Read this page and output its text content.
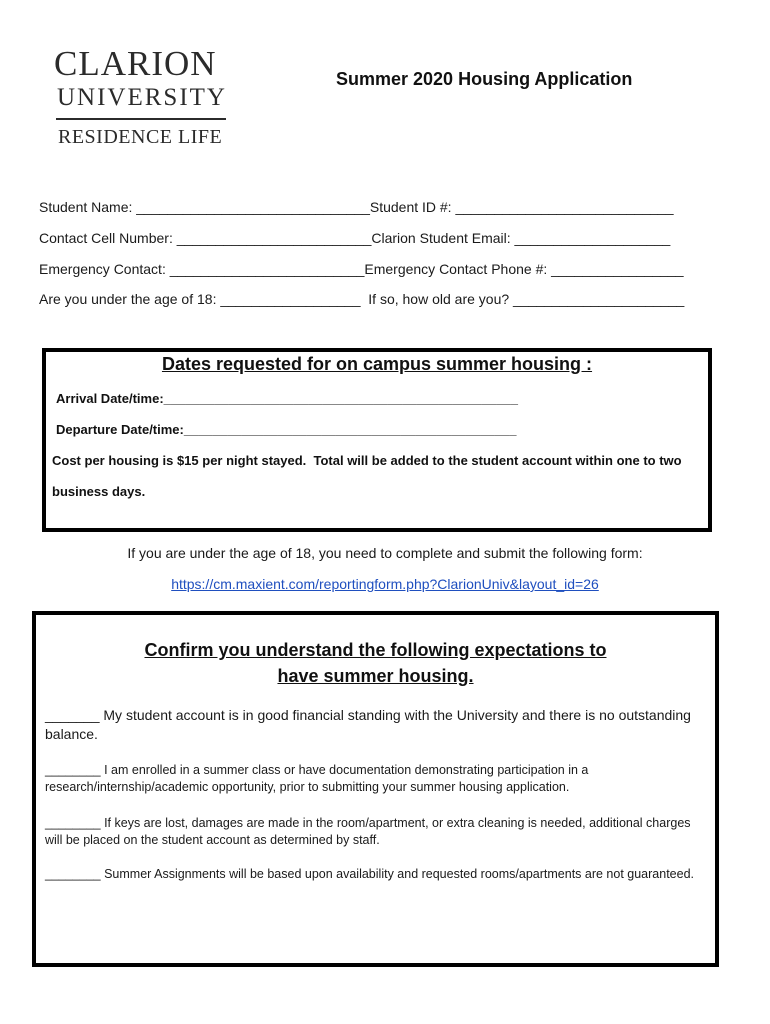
CLARION
UNIVERSITY
RESIDENCE LIFE
Summer 2020 Housing Application
Student Name: ______________________________Student ID #: ____________________________
Contact Cell Number: _________________________Clarion Student Email: ____________________
Emergency Contact: _________________________Emergency Contact Phone #: _________________
Are you under the age of 18: __________________  If so, how old are you? ______________________
Dates requested for on campus summer housing :
Arrival Date/time:_________________________________________________
Departure Date/time:______________________________________________
Cost per housing is $15 per night stayed.  Total will be added to the student account within one to two
business days.
If you are under the age of 18, you need to complete and submit the following form:
https://cm.maxient.com/reportingform.php?ClarionUniv&layout_id=26
Confirm you understand the following expectations to
have summer housing.
_______ My student account is in good financial standing with the University and there is no outstanding balance.
________ I am enrolled in a summer class or have documentation demonstrating participation in a research/internship/academic opportunity, prior to submitting your summer housing application.
________ If keys are lost, damages are made in the room/apartment, or extra cleaning is needed, additional charges will be placed on the student account as determined by staff.
________ Summer Assignments will be based upon availability and requested rooms/apartments are not guaranteed.
